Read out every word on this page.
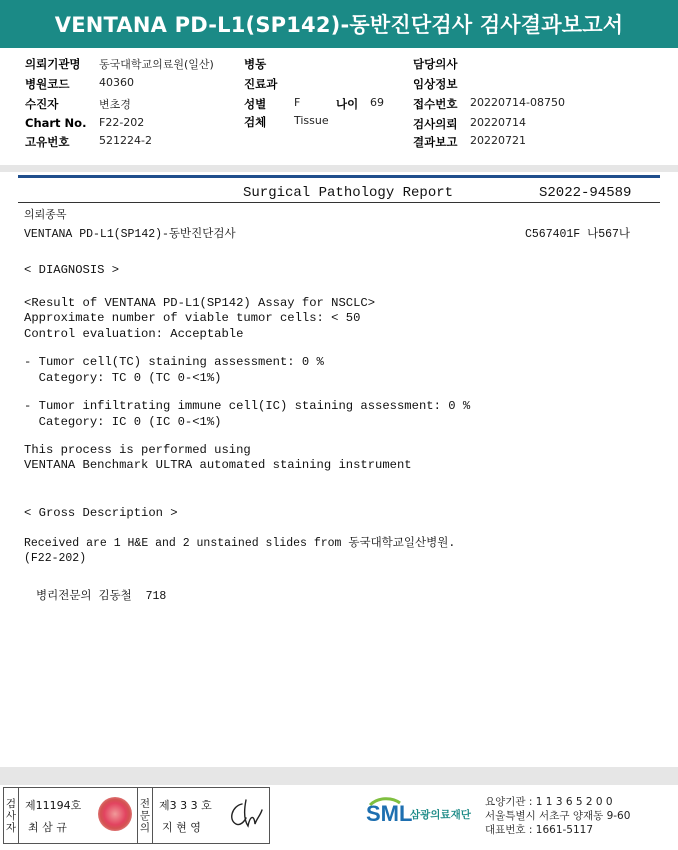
VENTANA PD-L1(SP142)-동반진단검사 검사결과보고서
의뢰기관명 동국대학교의료원(일산)
병원코드	40360
수진자	변초경
Chart No. F22-202
고유번호	521224-2
병동
진료과
성별	F	나이 69
검체	Tissue
담당의사
임상정보
접수번호 20220714-08750
검사의뢰 20220714
결과보고 20220721
Surgical Pathology Report	S2022-94589
의뢰종목
VENTANA PD-L1(SP142)-동반진단검사	C567401F 나567나
< DIAGNOSIS >
<Result of VENTANA PD-L1(SP142) Assay for NSCLC>
Approximate number of viable tumor cells: < 50
Control evaluation: Acceptable
- Tumor cell(TC) staining assessment: 0 %
Category: TC 0 (TC 0-<1%)
- Tumor infiltrating immune cell(IC) staining assessment: 0 %
Category: IC 0 (IC 0-<1%)
This process is performed using
VENTANA Benchmark ULTRA automated staining instrument
< Gross Description >
Received are 1 H&E and 2 unstained slides from 동국대학교일산병원.
(F22-202)
병리전문의 김동철  718
검
사
자
제11194호
최 삼 규
전
문
의
제3 3 3 호
지 현 영
SML
삼광의료재단
요양기관 : 1 1 3 6 5 2 0 0
서울특별시 서초구 양재동 9-60
대표번호 : 1661-5117
